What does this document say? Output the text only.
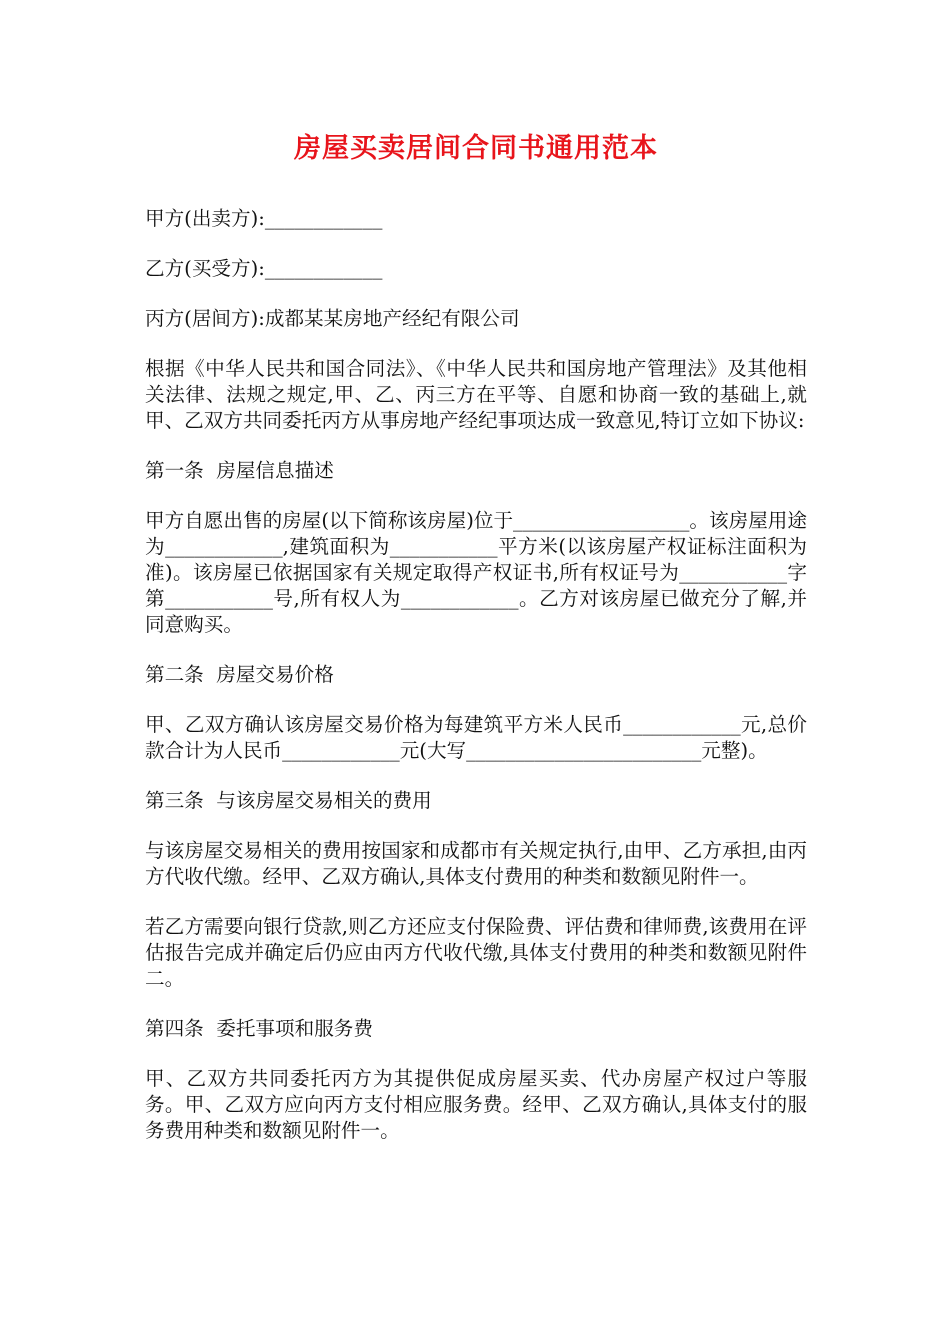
房屋买卖居间合同书通用范本

甲方(出卖方):____________

乙方(买受方):____________

丙方(居间方):成都某某房地产经纪有限公司

根据《中华人民共和国合同法》、《中华人民共和国房地产管理法》及其他相关法律、法规之规定,甲、乙、丙三方在平等、自愿和协商一致的基础上,就甲、乙双方共同委托丙方从事房地产经纪事项达成一致意见,特订立如下协议:

第一条  房屋信息描述

甲方自愿出售的房屋(以下简称该房屋)位于__________________。该房屋用途为____________,建筑面积为___________平方米(以该房屋产权证标注面积为准)。该房屋已依据国家有关规定取得产权证书,所有权证号为___________字第___________号,所有权人为____________。乙方对该房屋已做充分了解,并同意购买。

第二条  房屋交易价格

甲、乙双方确认该房屋交易价格为每建筑平方米人民币____________元,总价款合计为人民币____________元(大写________________________元整)。

第三条  与该房屋交易相关的费用

与该房屋交易相关的费用按国家和成都市有关规定执行,由甲、乙方承担,由丙方代收代缴。经甲、乙双方确认,具体支付费用的种类和数额见附件一。

若乙方需要向银行贷款,则乙方还应支付保险费、评估费和律师费,该费用在评估报告完成并确定后仍应由丙方代收代缴,具体支付费用的种类和数额见附件二。

第四条  委托事项和服务费

甲、乙双方共同委托丙方为其提供促成房屋买卖、代办房屋产权过户等服务。甲、乙双方应向丙方支付相应服务费。经甲、乙双方确认,具体支付的服务费用种类和数额见附件一。
